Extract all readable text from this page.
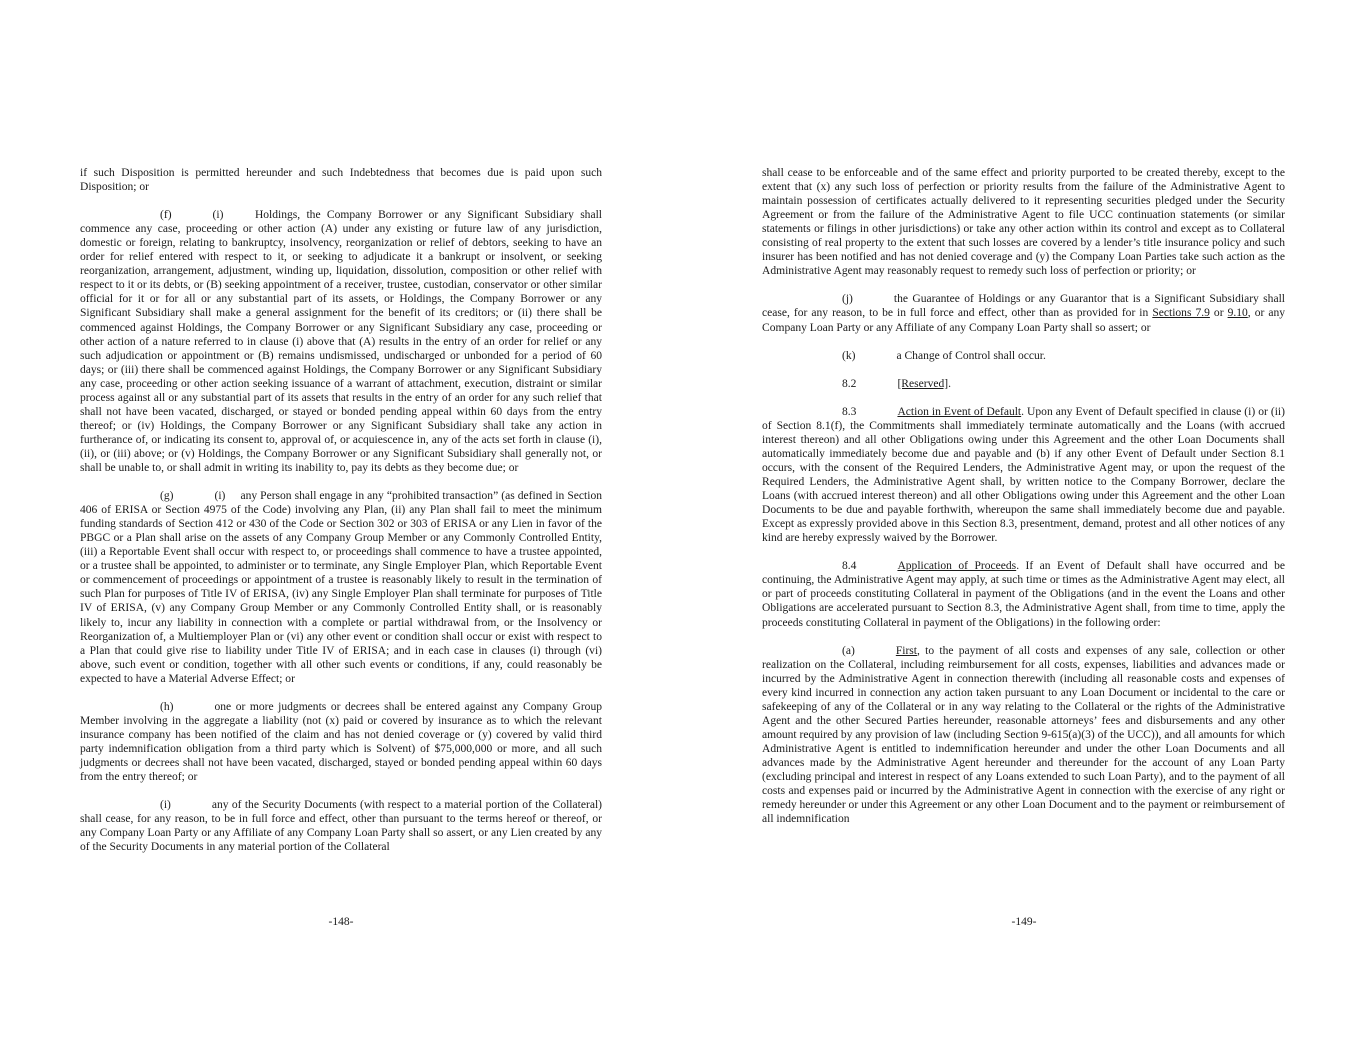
if such Disposition is permitted hereunder and such Indebtedness that becomes due is paid upon such Disposition; or

(f)	(i)     Holdings, the Company Borrower or any Significant Subsidiary shall commence any case, proceeding or other action (A) under any existing or future law of any jurisdiction, domestic or foreign, relating to bankruptcy, insolvency, reorganization or relief of debtors, seeking to have an order for relief entered with respect to it, or seeking to adjudicate it a bankrupt or insolvent, or seeking reorganization, arrangement, adjustment, winding up, liquidation, dissolution, composition or other relief with respect to it or its debts, or (B) seeking appointment of a receiver, trustee, custodian, conservator or other similar official for it or for all or any substantial part of its assets, or Holdings, the Company Borrower or any Significant Subsidiary shall make a general assignment for the benefit of its creditors; or (ii) there shall be commenced against Holdings, the Company Borrower or any Significant Subsidiary any case, proceeding or other action of a nature referred to in clause (i) above that (A) results in the entry of an order for relief or any such adjudication or appointment or (B) remains undismissed, undischarged or unbonded for a period of 60 days; or (iii) there shall be commenced against Holdings, the Company Borrower or any Significant Subsidiary any case, proceeding or other action seeking issuance of a warrant of attachment, execution, distraint or similar process against all or any substantial part of its assets that results in the entry of an order for any such relief that shall not have been vacated, discharged, or stayed or bonded pending appeal within 60 days from the entry thereof; or (iv) Holdings, the Company Borrower or any Significant Subsidiary shall take any action in furtherance of, or indicating its consent to, approval of, or acquiescence in, any of the acts set forth in clause (i), (ii), or (iii) above; or (v) Holdings, the Company Borrower or any Significant Subsidiary shall generally not, or shall be unable to, or shall admit in writing its inability to, pay its debts as they become due; or

(g)	(i)     any Person shall engage in any “prohibited transaction” (as defined in Section 406 of ERISA or Section 4975 of the Code) involving any Plan, (ii) any Plan shall fail to meet the minimum funding standards of Section 412 or 430 of the Code or Section 302 or 303 of ERISA or any Lien in favor of the PBGC or a Plan shall arise on the assets of any Company Group Member or any Commonly Controlled Entity, (iii) a Reportable Event shall occur with respect to, or proceedings shall commence to have a trustee appointed, or a trustee shall be appointed, to administer or to terminate, any Single Employer Plan, which Reportable Event or commencement of proceedings or appointment of a trustee is reasonably likely to result in the termination of such Plan for purposes of Title IV of ERISA, (iv) any Single Employer Plan shall terminate for purposes of Title IV of ERISA, (v) any Company Group Member or any Commonly Controlled Entity shall, or is reasonably likely to, incur any liability in connection with a complete or partial withdrawal from, or the Insolvency or Reorganization of, a Multiemployer Plan or (vi) any other event or condition shall occur or exist with respect to a Plan that could give rise to liability under Title IV of ERISA; and in each case in clauses (i) through (vi) above, such event or condition, together with all other such events or conditions, if any, could reasonably be expected to have a Material Adverse Effect; or

(h)	one or more judgments or decrees shall be entered against any Company Group Member involving in the aggregate a liability (not (x) paid or covered by insurance as to which the relevant insurance company has been notified of the claim and has not denied coverage or (y) covered by valid third party indemnification obligation from a third party which is Solvent) of $75,000,000 or more, and all such judgments or decrees shall not have been vacated, discharged, stayed or bonded pending appeal within 60 days from the entry thereof; or

(i)	any of the Security Documents (with respect to a material portion of the Collateral) shall cease, for any reason, to be in full force and effect, other than pursuant to the terms hereof or thereof, or any Company Loan Party or any Affiliate of any Company Loan Party shall so assert, or any Lien created by any of the Security Documents in any material portion of the Collateral

-148-

shall cease to be enforceable and of the same effect and priority purported to be created thereby, except to the extent that (x) any such loss of perfection or priority results from the failure of the Administrative Agent to maintain possession of certificates actually delivered to it representing securities pledged under the Security Agreement or from the failure of the Administrative Agent to file UCC continuation statements (or similar statements or filings in other jurisdictions) or take any other action within its control and except as to Collateral consisting of real property to the extent that such losses are covered by a lender’s title insurance policy and such insurer has been notified and has not denied coverage and (y) the Company Loan Parties take such action as the Administrative Agent may reasonably request to remedy such loss of perfection or priority; or

(j)	the Guarantee of Holdings or any Guarantor that is a Significant Subsidiary shall cease, for any reason, to be in full force and effect, other than as provided for in Sections 7.9 or 9.10, or any Company Loan Party or any Affiliate of any Company Loan Party shall so assert; or

(k)	a Change of Control shall occur.

8.2	[Reserved].

8.3	Action in Event of Default. Upon any Event of Default specified in clause (i) or (ii) of Section 8.1(f), the Commitments shall immediately terminate automatically and the Loans (with accrued interest thereon) and all other Obligations owing under this Agreement and the other Loan Documents shall automatically immediately become due and payable and (b) if any other Event of Default under Section 8.1 occurs, with the consent of the Required Lenders, the Administrative Agent may, or upon the request of the Required Lenders, the Administrative Agent shall, by written notice to the Company Borrower, declare the Loans (with accrued interest thereon) and all other Obligations owing under this Agreement and the other Loan Documents to be due and payable forthwith, whereupon the same shall immediately become due and payable. Except as expressly provided above in this Section 8.3, presentment, demand, protest and all other notices of any kind are hereby expressly waived by the Borrower.

8.4	Application of Proceeds. If an Event of Default shall have occurred and be continuing, the Administrative Agent may apply, at such time or times as the Administrative Agent may elect, all or part of proceeds constituting Collateral in payment of the Obligations (and in the event the Loans and other Obligations are accelerated pursuant to Section 8.3, the Administrative Agent shall, from time to time, apply the proceeds constituting Collateral in payment of the Obligations) in the following order:

(a)	First, to the payment of all costs and expenses of any sale, collection or other realization on the Collateral, including reimbursement for all costs, expenses, liabilities and advances made or incurred by the Administrative Agent in connection therewith (including all reasonable costs and expenses of every kind incurred in connection any action taken pursuant to any Loan Document or incidental to the care or safekeeping of any of the Collateral or in any way relating to the Collateral or the rights of the Administrative Agent and the other Secured Parties hereunder, reasonable attorneys’ fees and disbursements and any other amount required by any provision of law (including Section 9-615(a)(3) of the UCC)), and all amounts for which Administrative Agent is entitled to indemnification hereunder and under the other Loan Documents and all advances made by the Administrative Agent hereunder and thereunder for the account of any Loan Party (excluding principal and interest in respect of any Loans extended to such Loan Party), and to the payment of all costs and expenses paid or incurred by the Administrative Agent in connection with the exercise of any right or remedy hereunder or under this Agreement or any other Loan Document and to the payment or reimbursement of all indemnification

-149-
